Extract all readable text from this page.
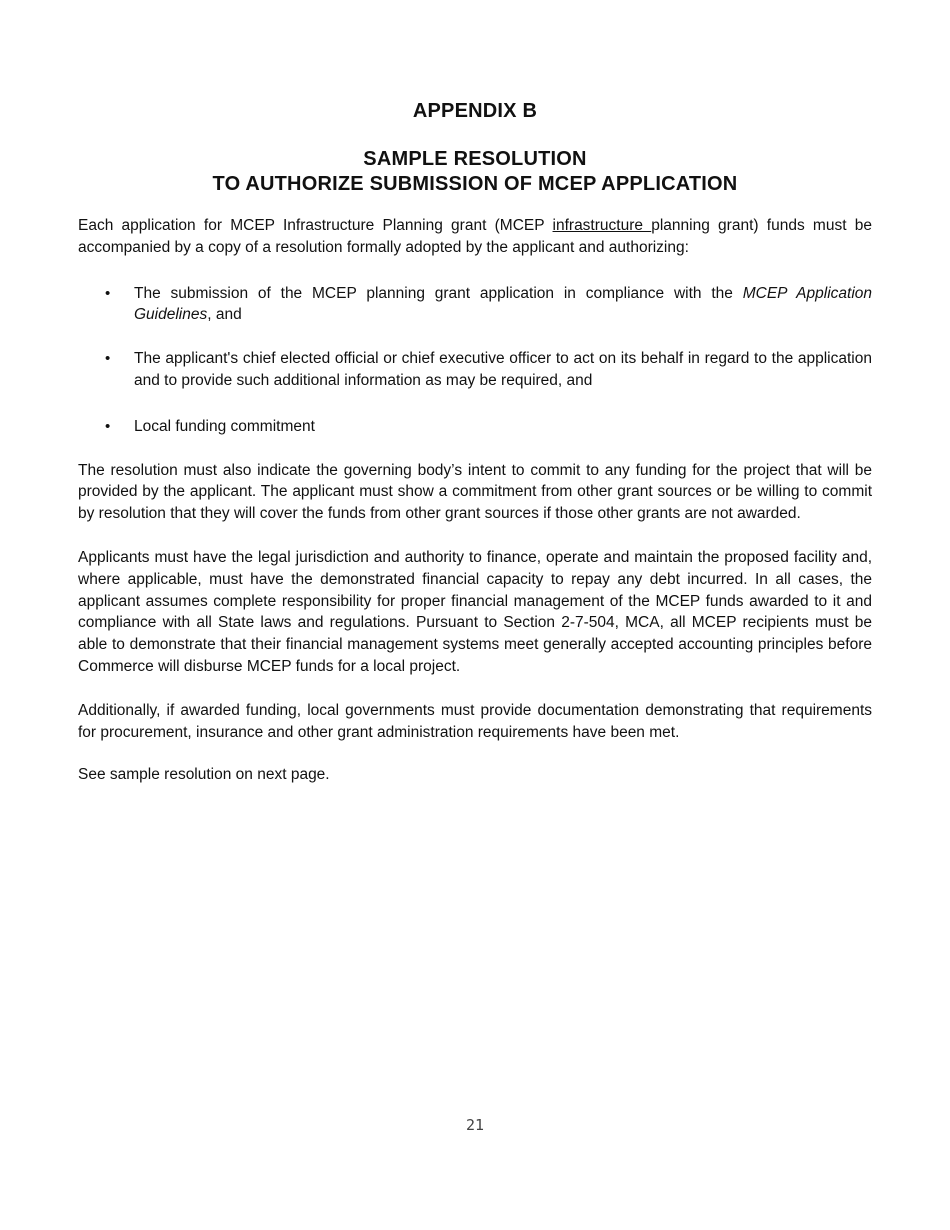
APPENDIX B
SAMPLE RESOLUTION
TO AUTHORIZE SUBMISSION OF MCEP APPLICATION

Each application for MCEP Infrastructure Planning grant (MCEP infrastructure planning grant) funds must be accompanied by a copy of a resolution formally adopted by the applicant and authorizing:

• The submission of the MCEP planning grant application in compliance with the MCEP Application Guidelines, and
• The applicant's chief elected official or chief executive officer to act on its behalf in regard to the application and to provide such additional information as may be required, and
• Local funding commitment

The resolution must also indicate the governing body’s intent to commit to any funding for the project that will be provided by the applicant. The applicant must show a commitment from other grant sources or be willing to commit by resolution that they will cover the funds from other grant sources if those other grants are not awarded.

Applicants must have the legal jurisdiction and authority to finance, operate and maintain the proposed facility and, where applicable, must have the demonstrated financial capacity to repay any debt incurred. In all cases, the applicant assumes complete responsibility for proper financial management of the MCEP funds awarded to it and compliance with all State laws and regulations. Pursuant to Section 2-7-504, MCA, all MCEP recipients must be able to demonstrate that their financial management systems meet generally accepted accounting principles before Commerce will disburse MCEP funds for a local project.

Additionally, if awarded funding, local governments must provide documentation demonstrating that requirements for procurement, insurance and other grant administration requirements have been met.

See sample resolution on next page.

21
